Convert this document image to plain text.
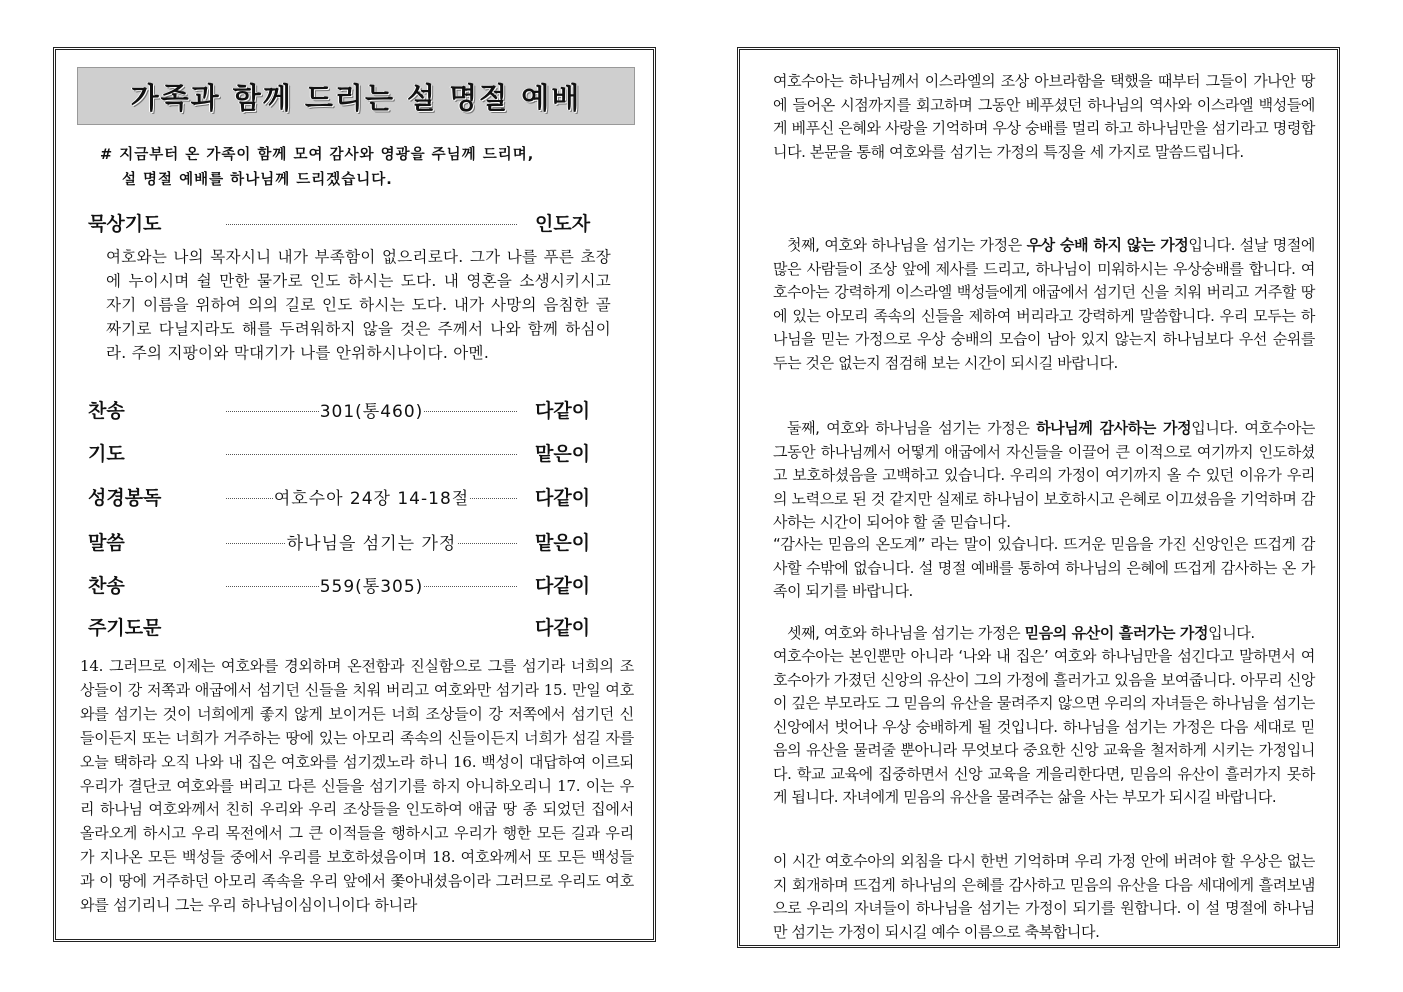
가족과 함께 드리는 설 명절 예배
# 지금부터 온 가족이 함께 모여 감사와 영광을 주님께 드리며,
설 명절 예배를 하나님께 드리겠습니다.
묵상기도	인도자
여호와는 나의 목자시니 내가 부족함이 없으리로다. 그가 나를 푸른 초장에 누이시며 쉴 만한 물가로 인도 하시는 도다. 내 영혼을 소생시키시고 자기 이름을 위하여 의의 길로 인도 하시는 도다. 내가 사망의 음침한 골짜기로 다닐지라도 해를 두려워하지 않을 것은 주께서 나와 함께 하심이라. 주의 지팡이와 막대기가 나를 안위하시나이다. 아멘.
찬송	301(통460)	다같이
기도	맡은이
성경봉독	여호수아 24장 14-18절	다같이
말씀	하나님을 섬기는 가정	맡은이
찬송	559(통305)	다같이
주기도문	다같이
14. 그러므로 이제는 여호와를 경외하며 온전함과 진실함으로 그를 섬기라 너희의 조상들이 강 저쪽과 애굽에서 섬기던 신들을 치워 버리고 여호와만 섬기라 15. 만일 여호와를 섬기는 것이 너희에게 좋지 않게 보이거든 너희 조상들이 강 저쪽에서 섬기던 신들이든지 또는 너희가 거주하는 땅에 있는 아모리 족속의 신들이든지 너희가 섬길 자를 오늘 택하라 오직 나와 내 집은 여호와를 섬기겠노라 하니 16. 백성이 대답하여 이르되 우리가 결단코 여호와를 버리고 다른 신들을 섬기기를 하지 아니하오리니 17. 이는 우리 하나님 여호와께서 친히 우리와 우리 조상들을 인도하여 애굽 땅 종 되었던 집에서 올라오게 하시고 우리 목전에서 그 큰 이적들을 행하시고 우리가 행한 모든 길과 우리가 지나온 모든 백성들 중에서 우리를 보호하셨음이며 18. 여호와께서 또 모든 백성들과 이 땅에 거주하던 아모리 족속을 우리 앞에서 쫓아내셨음이라 그러므로 우리도 여호와를 섬기리니 그는 우리 하나님이심이니이다 하니라
여호수아는 하나님께서 이스라엘의 조상 아브라함을 택했을 때부터 그들이 가나안 땅에 들어온 시점까지를 회고하며 그동안 베푸셨던 하나님의 역사와 이스라엘 백성들에게 베푸신 은혜와 사랑을 기억하며 우상 숭배를 멀리 하고 하나님만을 섬기라고 명령합니다. 본문을 통해 여호와를 섬기는 가정의 특징을 세 가지로 말씀드립니다.
첫째, 여호와 하나님을 섬기는 가정은 우상 숭배 하지 않는 가정입니다. 설날 명절에 많은 사람들이 조상 앞에 제사를 드리고, 하나님이 미워하시는 우상숭배를 합니다. 여호수아는 강력하게 이스라엘 백성들에게 애굽에서 섬기던 신을 치워 버리고 거주할 땅에 있는 아모리 족속의 신들을 제하여 버리라고 강력하게 말씀합니다. 우리 모두는 하나님을 믿는 가정으로 우상 숭배의 모습이 남아 있지 않는지 하나님보다 우선 순위를 두는 것은 없는지 점검해 보는 시간이 되시길 바랍니다.
둘째, 여호와 하나님을 섬기는 가정은 하나님께 감사하는 가정입니다. 여호수아는 그동안 하나님께서 어떻게 애굽에서 자신들을 이끌어 큰 이적으로 여기까지 인도하셨고 보호하셨음을 고백하고 있습니다. 우리의 가정이 여기까지 올 수 있던 이유가 우리의 노력으로 된 것 같지만 실제로 하나님이 보호하시고 은혜로 이끄셨음을 기억하며 감사하는 시간이 되어야 할 줄 믿습니다.
“감사는 믿음의 온도계” 라는 말이 있습니다. 뜨거운 믿음을 가진 신앙인은 뜨겁게 감사할 수밖에 없습니다. 설 명절 예배를 통하여 하나님의 은혜에 뜨겁게 감사하는 온 가족이 되기를 바랍니다.
셋째, 여호와 하나님을 섬기는 가정은 믿음의 유산이 흘러가는 가정입니다.
여호수아는 본인뿐만 아니라 ‘나와 내 집은’ 여호와 하나님만을 섬긴다고 말하면서 여호수아가 가졌던 신앙의 유산이 그의 가정에 흘러가고 있음을 보여줍니다. 아무리 신앙이 깊은 부모라도 그 믿음의 유산을 물려주지 않으면 우리의 자녀들은 하나님을 섬기는 신앙에서 벗어나 우상 숭배하게 될 것입니다. 하나님을 섬기는 가정은 다음 세대로 믿음의 유산을 물려줄 뿐아니라 무엇보다 중요한 신앙 교육을 철저하게 시키는 가정입니다. 학교 교육에 집중하면서 신앙 교육을 게을리한다면, 믿음의 유산이 흘러가지 못하게 됩니다. 자녀에게 믿음의 유산을 물려주는 삶을 사는 부모가 되시길 바랍니다.
이 시간 여호수아의 외침을 다시 한번 기억하며 우리 가정 안에 버려야 할 우상은 없는지 회개하며 뜨겁게 하나님의 은혜를 감사하고 믿음의 유산을 다음 세대에게 흘려보냄으로 우리의 자녀들이 하나님을 섬기는 가정이 되기를 원합니다. 이 설 명절에 하나님만 섬기는 가정이 되시길 예수 이름으로 축복합니다.
